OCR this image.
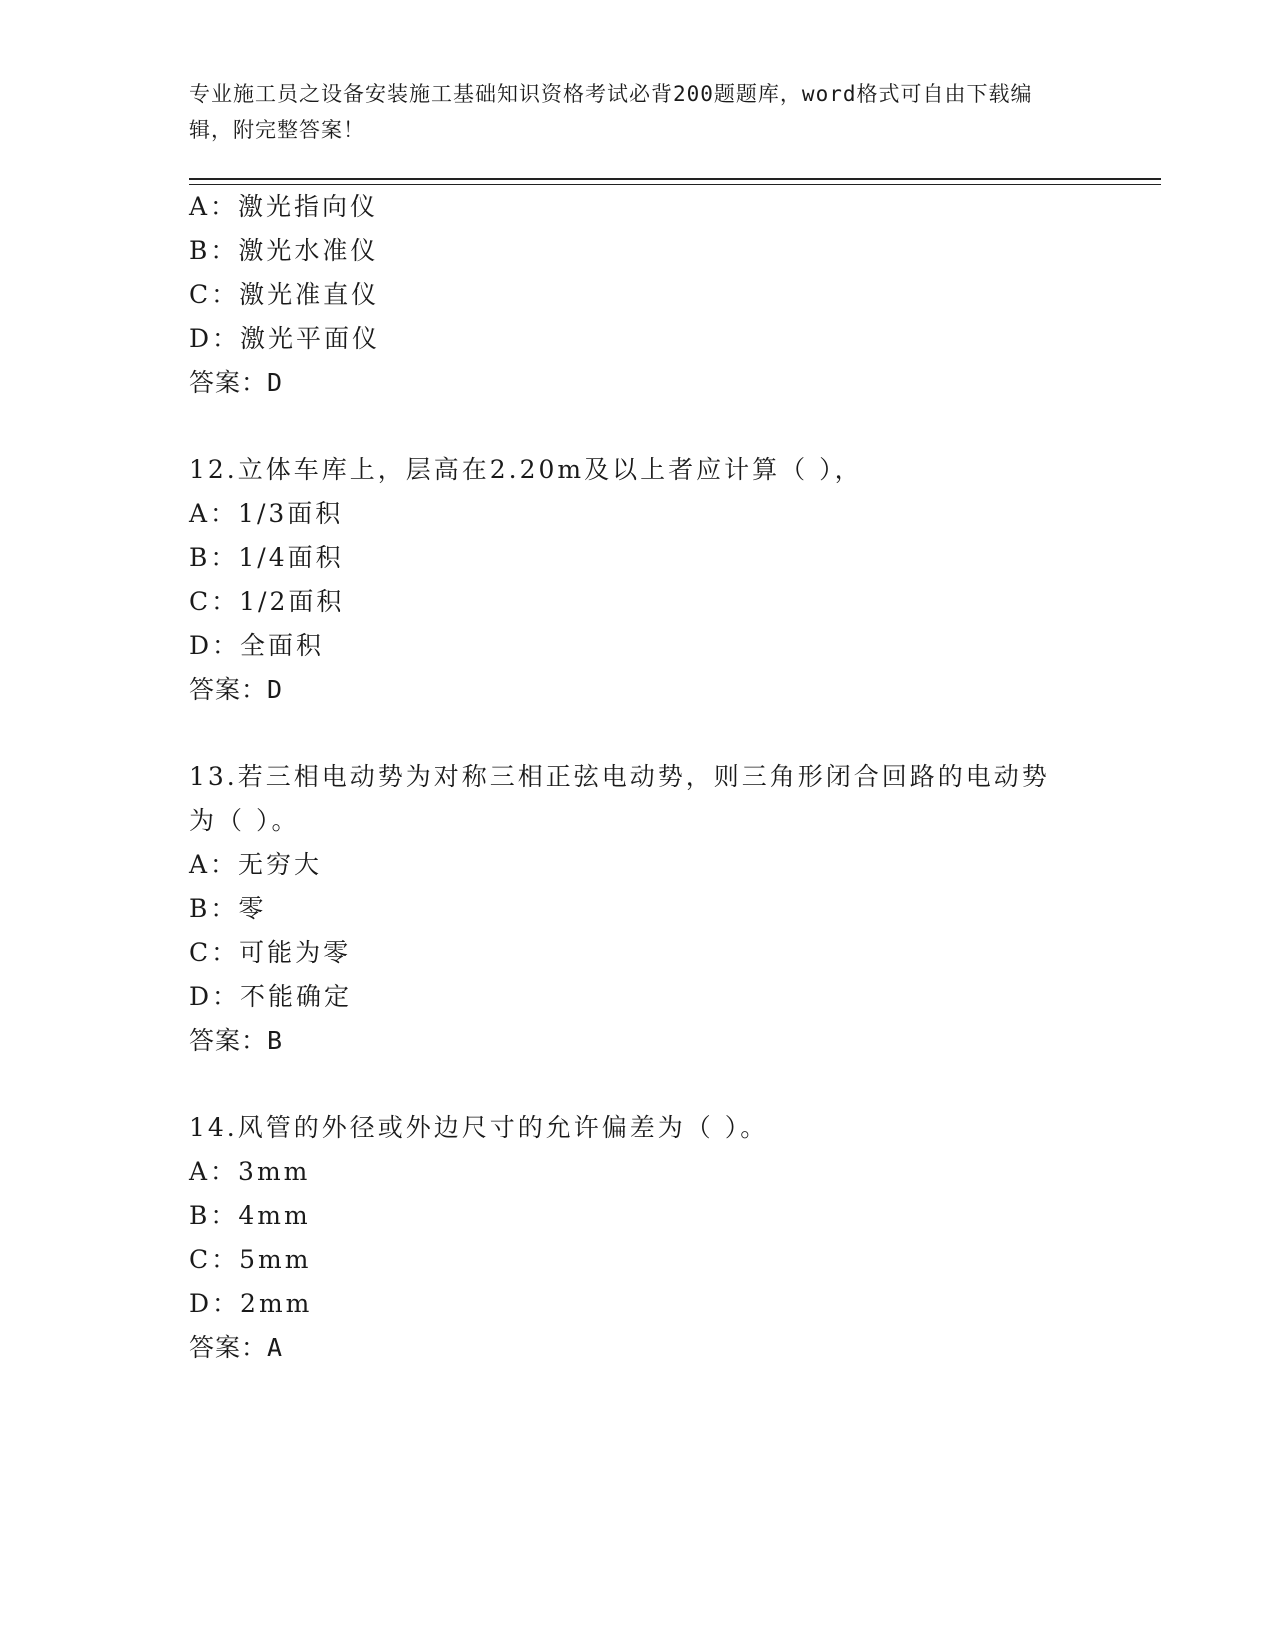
专业施工员之设备安装施工基础知识资格考试必背200题题库，word格式可自由下载编辑，附完整答案！
A：激光指向仪
B：激光水准仪
C：激光准直仪
D：激光平面仪
答案：D
12.立体车库上，层高在2.20m及以上者应计算（ ），
A：1/3面积
B：1/4面积
C：1/2面积
D：全面积
答案：D
13.若三相电动势为对称三相正弦电动势，则三角形闭合回路的电动势
为（ ）。
A：无穷大
B：零
C：可能为零
D：不能确定
答案：B
14.风管的外径或外边尺寸的允许偏差为（ ）。
A：3mm
B：4mm
C：5mm
D：2mm
答案：A
